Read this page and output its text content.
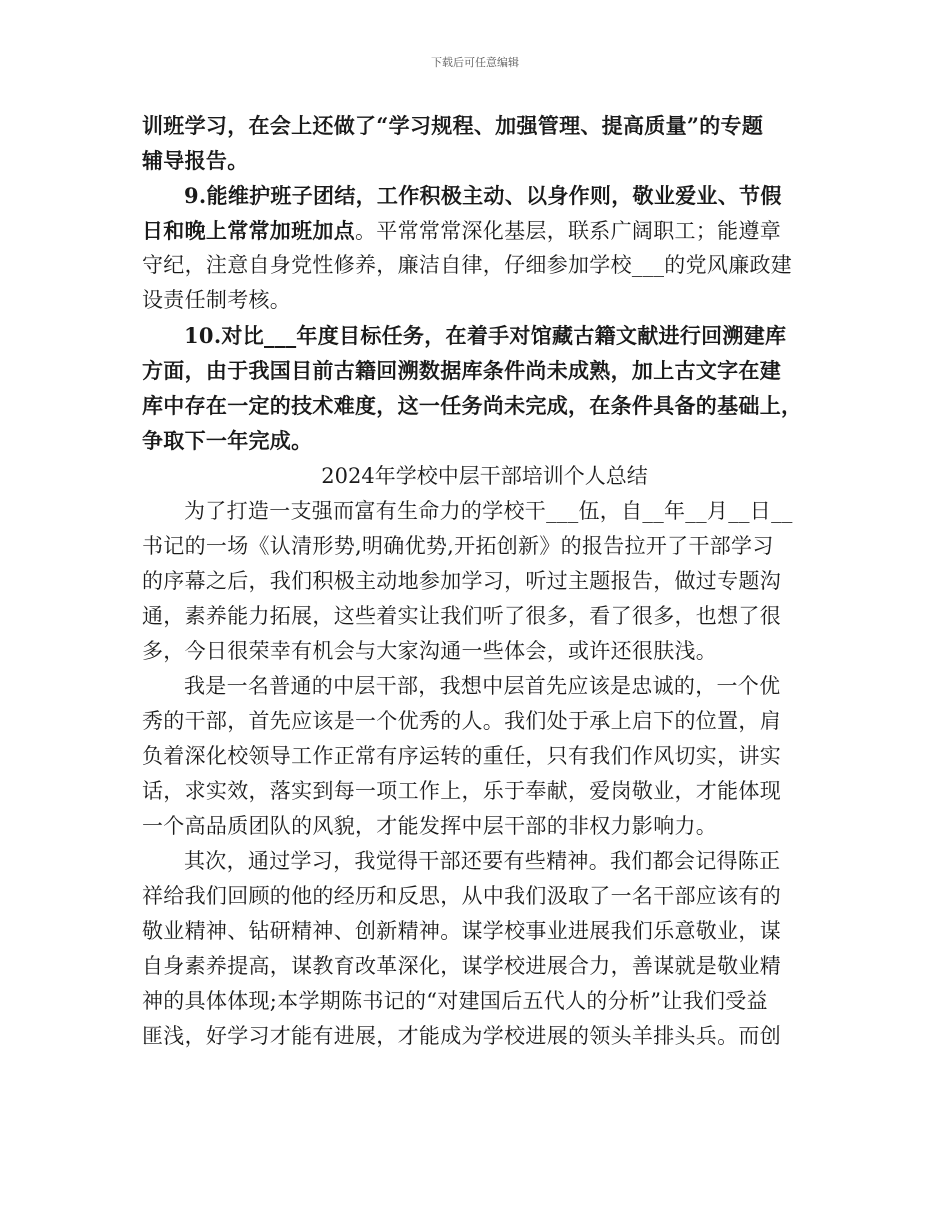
下载后可任意编辑
训班学习，在会上还做了“学习规程、加强管理、提高质量”的专题
辅导报告。
9.能维护班子团结，工作积极主动、以身作则，敬业爱业、节假
日和晚上常常加班加点。平常常常深化基层，联系广阔职工；能遵章
守纪，注意自身党性修养，廉洁自律，仔细参加学校___的党风廉政建
设责任制考核。
10.对比___年度目标任务，在着手对馆藏古籍文献进行回溯建库
方面，由于我国目前古籍回溯数据库条件尚未成熟，加上古文字在建
库中存在一定的技术难度，这一任务尚未完成，在条件具备的基础上，
争取下一年完成。
2024年学校中层干部培训个人总结
为了打造一支强而富有生命力的学校干___伍，自__年__月__日__
书记的一场《认清形势,明确优势,开拓创新》的报告拉开了干部学习
的序幕之后，我们积极主动地参加学习，听过主题报告，做过专题沟
通，素养能力拓展，这些着实让我们听了很多，看了很多，也想了很
多，今日很荣幸有机会与大家沟通一些体会，或许还很肤浅。
我是一名普通的中层干部，我想中层首先应该是忠诚的，一个优
秀的干部，首先应该是一个优秀的人。我们处于承上启下的位置，肩
负着深化校领导工作正常有序运转的重任，只有我们作风切实，讲实
话，求实效，落实到每一项工作上，乐于奉献，爱岗敬业，才能体现
一个高品质团队的风貌，才能发挥中层干部的非权力影响力。
其次，通过学习，我觉得干部还要有些精神。我们都会记得陈正
祥给我们回顾的他的经历和反思，从中我们汲取了一名干部应该有的
敬业精神、钻研精神、创新精神。谋学校事业进展我们乐意敬业，谋
自身素养提高，谋教育改革深化，谋学校进展合力，善谋就是敬业精
神的具体体现;本学期陈书记的“对建国后五代人的分析”让我们受益
匪浅，好学习才能有进展，才能成为学校进展的领头羊排头兵。而创
